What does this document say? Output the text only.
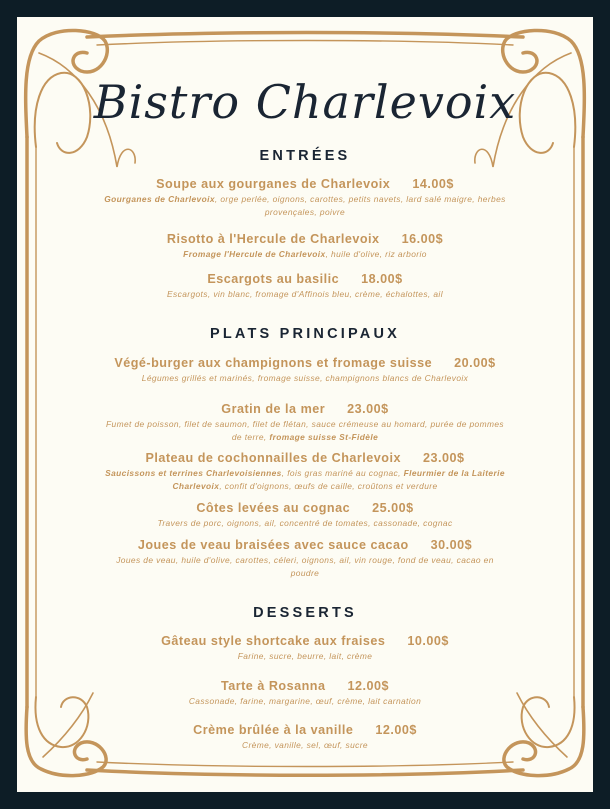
Bistro Charlevoix
ENTRÉES
Soupe aux gourganes de Charlevoix 14.00$
Gourganes de Charlevoix, orge perlée, oignons, carottes, petits navets, lard salé maigre, herbes provençales, poivre
Risotto à l'Hercule de Charlevoix 16.00$
Fromage l'Hercule de Charlevoix, huile d'olive, riz arborio
Escargots au basilic 18.00$
Escargots, vin blanc, fromage d'Affinois bleu, crème, échalottes, ail
PLATS PRINCIPAUX
Végé-burger aux champignons et fromage suisse 20.00$
Légumes grillés et marinés, fromage suisse, champignons blancs de Charlevoix
Gratin de la mer 23.00$
Fumet de poisson, filet de saumon, filet de flétan, sauce crémeuse au homard, purée de pommes de terre, fromage suisse St-Fidèle
Plateau de cochonnailles de Charlevoix 23.00$
Saucissons et terrines Charlevoisiennes, fois gras mariné au cognac, Fleurmier de la Laiterie Charlevoix, confit d'oignons, œufs de caille, croûtons et verdure
Côtes levées au cognac 25.00$
Travers de porc, oignons, ail, concentré de tomates, cassonade, cognac
Joues de veau braisées avec sauce cacao 30.00$
Joues de veau, huile d'olive, carottes, céleri, oignons, ail, vin rouge, fond de veau, cacao en poudre
DESSERTS
Gâteau style shortcake aux fraises 10.00$
Farine, sucre, beurre, lait, crème
Tarte à Rosanna 12.00$
Cassonade, farine, margarine, œuf, crème, lait carnation
Crème brûlée à la vanille 12.00$
Crème, vanille, sel, œuf, sucre
